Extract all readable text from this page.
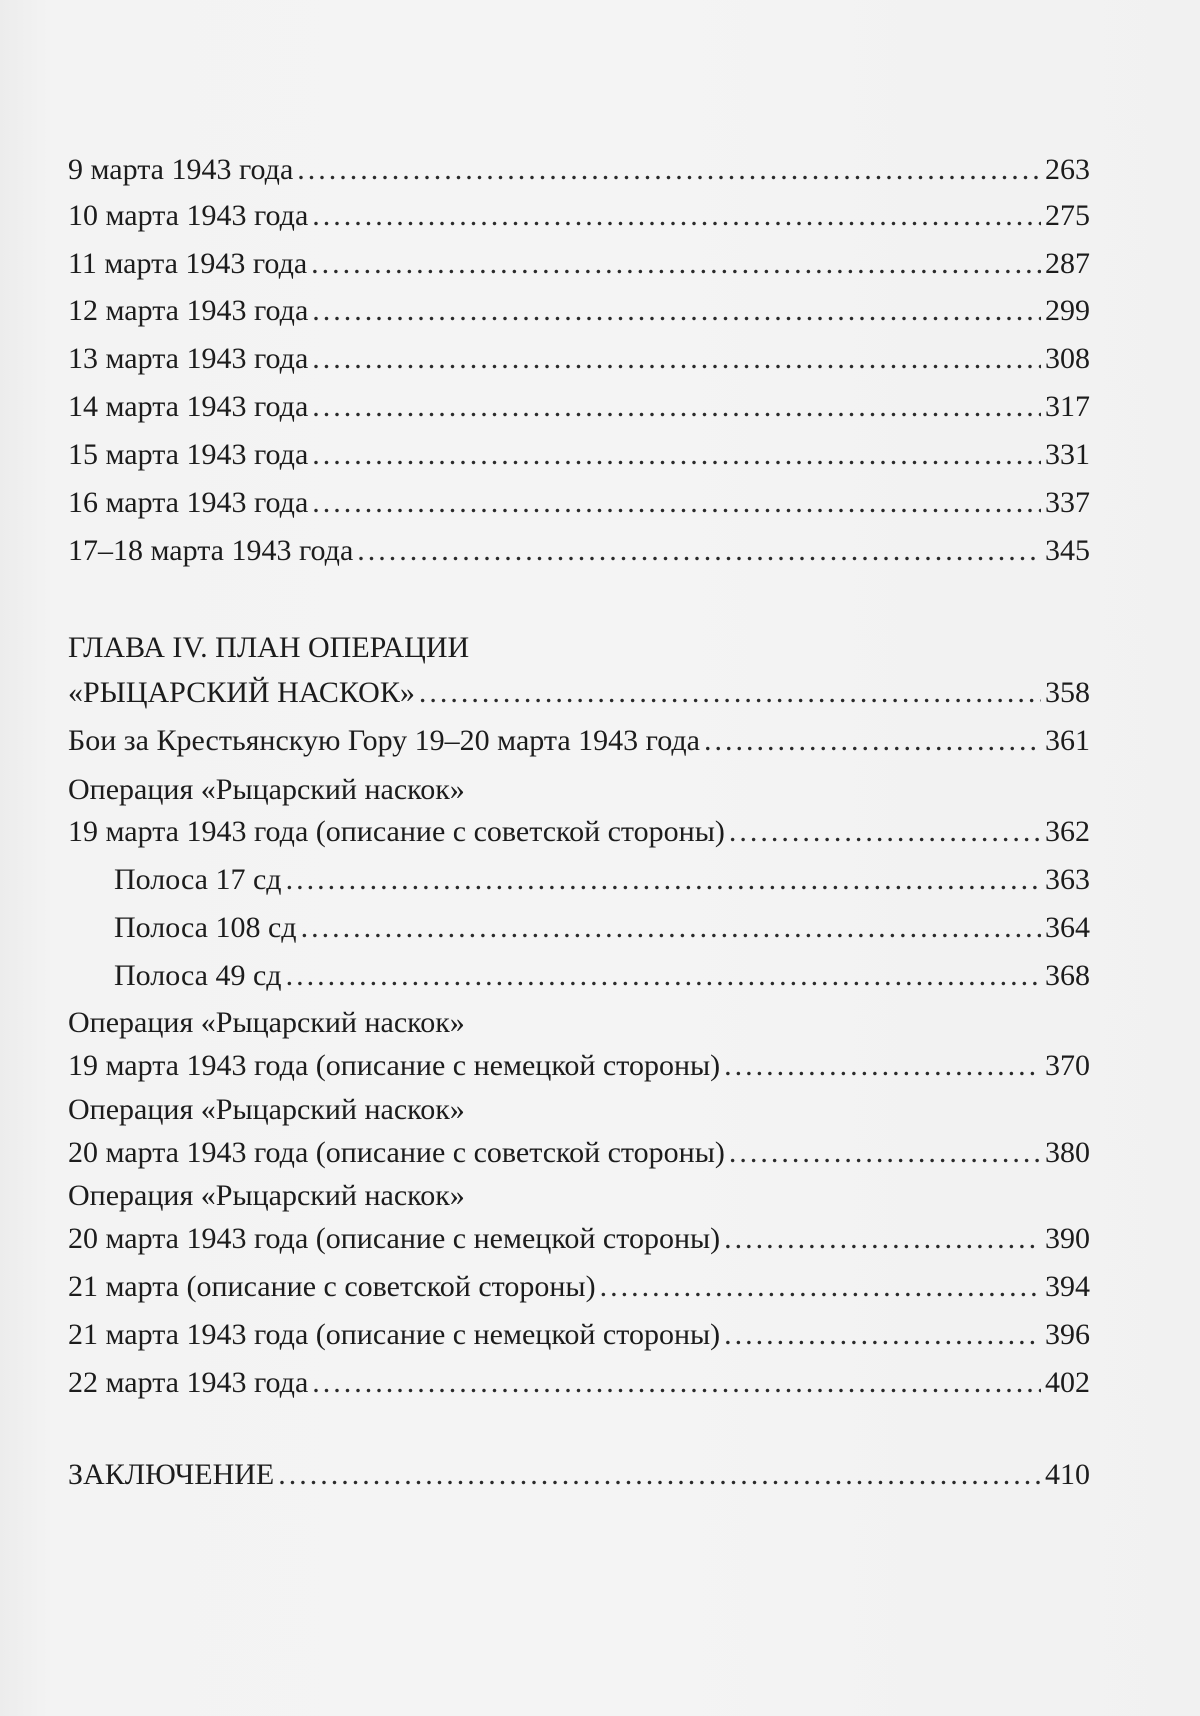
9 марта 1943 года .....	263
10 марта 1943 года .....	275
11 марта 1943 года .....	287
12 марта 1943 года .....	299
13 марта 1943 года .....	308
14 марта 1943 года .....	317
15 марта 1943 года .....	331
16 марта 1943 года .....	337
17–18 марта 1943 года .....	345
ГЛАВА IV. ПЛАН ОПЕРАЦИИ
«РЫЦАРСКИЙ НАСКОК» .....	358
Бои за Крестьянскую Гору 19–20 марта 1943 года .....	361
Операция «Рыцарский наскок»
19 марта 1943 года (описание с советской стороны) .....	362
Полоса 17 сд .....	363
Полоса 108 сд .....	364
Полоса 49 сд .....	368
Операция «Рыцарский наскок»
19 марта 1943 года (описание с немецкой стороны) .....	370
Операция «Рыцарский наскок»
20 марта 1943 года (описание с советской стороны) .....	380
Операция «Рыцарский наскок»
20 марта 1943 года (описание с немецкой стороны) .....	390
21 марта (описание с советской стороны) .....	394
21 марта 1943 года (описание с немецкой стороны) .....	396
22 марта 1943 года .....	402
ЗАКЛЮЧЕНИЕ .....	410
